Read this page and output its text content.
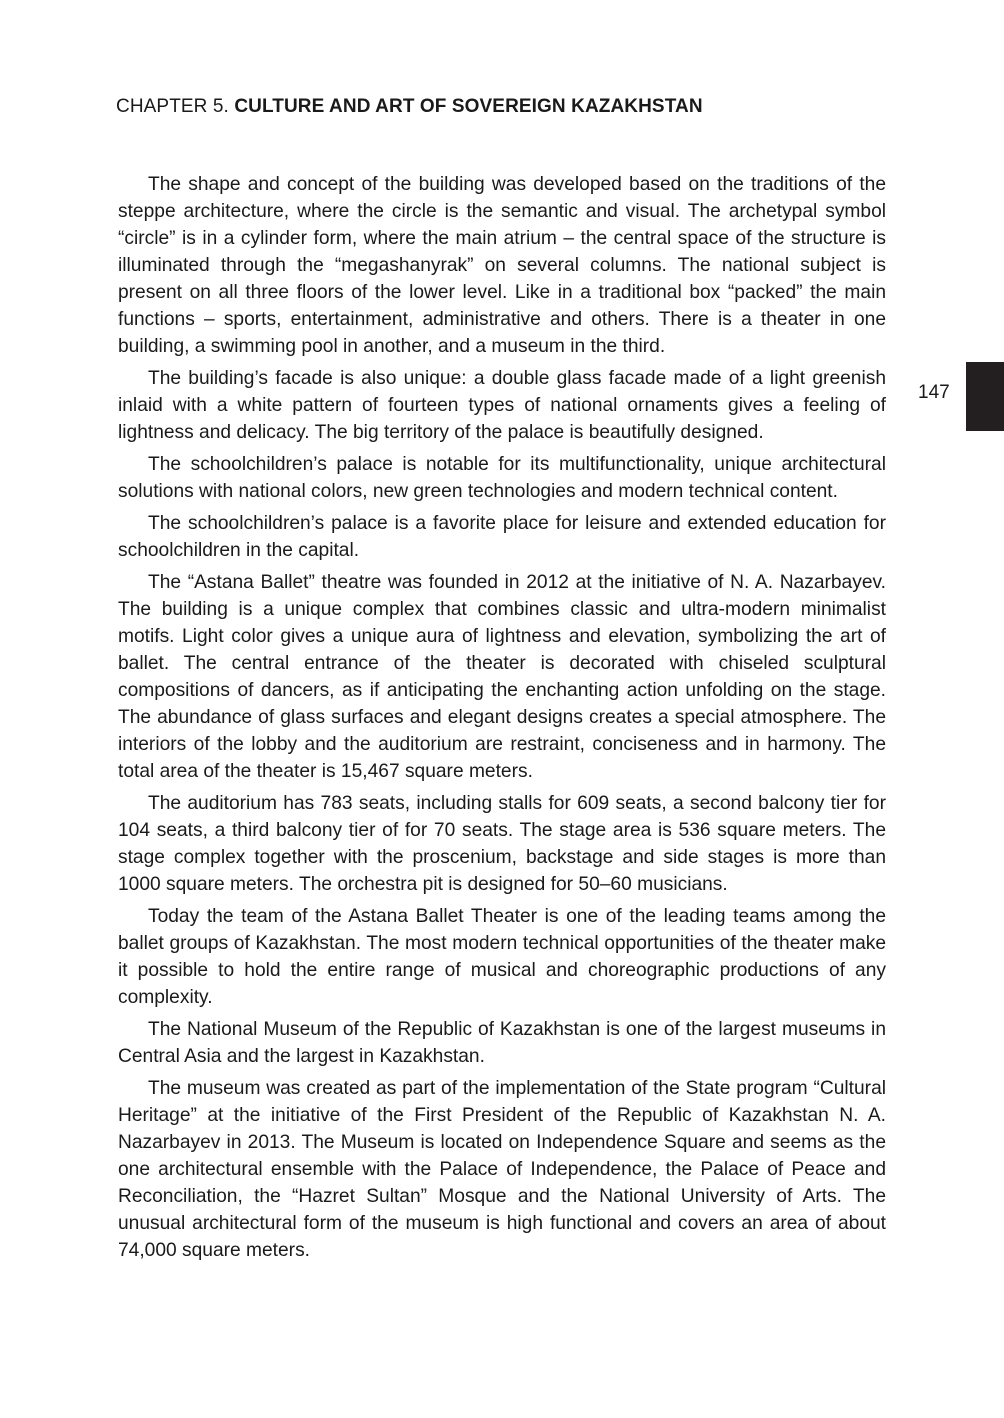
CHAPTER 5. CULTURE AND ART OF SOVEREIGN KAZAKHSTAN
147

The shape and concept of the building was developed based on the traditions of the steppe architecture, where the circle is the semantic and visual. The archetypal symbol “circle” is in a cylinder form, where the main atrium – the central space of the structure is illuminated through the “megashanyrak” on several columns. The national subject is present on all three floors of the lower level. Like in a traditional box “packed” the main functions – sports, entertainment, administrative and others. There is a theater in one building, a swimming pool in another, and a museum in the third.

The building’s facade is also unique: a double glass facade made of a light greenish inlaid with a white pattern of fourteen types of national ornaments gives a feeling of lightness and delicacy. The big territory of the palace is beautifully designed.

The schoolchildren’s palace is notable for its multifunctionality, unique architectural solutions with national colors, new green technologies and modern technical content.

The schoolchildren’s palace is a favorite place for leisure and extended education for schoolchildren in the capital.

The “Astana Ballet” theatre was founded in 2012 at the initiative of N. A. Nazarbayev. The building is a unique complex that combines classic and ultra-modern minimalist motifs. Light color gives a unique aura of lightness and elevation, symbolizing the art of ballet. The central entrance of the theater is decorated with chiseled sculptural compositions of dancers, as if anticipating the enchanting action unfolding on the stage. The abundance of glass surfaces and elegant designs creates a special atmosphere. The interiors of the lobby and the auditorium are restraint, conciseness and in harmony. The total area of the theater is 15,467 square meters.

The auditorium has 783 seats, including stalls for 609 seats, a second balcony tier for 104 seats, a third balcony tier of for 70 seats. The stage area is 536 square meters. The stage complex together with the proscenium, backstage and side stages is more than 1000 square meters. The orchestra pit is designed for 50–60 musicians.

Today the team of the Astana Ballet Theater is one of the leading teams among the ballet groups of Kazakhstan. The most modern technical opportunities of the theater make it possible to hold the entire range of musical and choreographic productions of any complexity.

The National Museum of the Republic of Kazakhstan is one of the largest museums in Central Asia and the largest in Kazakhstan.

The museum was created as part of the implementation of the State program “Cultural Heritage” at the initiative of the First President of the Republic of Kazakhstan N. A. Nazarbayev in 2013. The Museum is located on Independence Square and seems as the one architectural ensemble with the Palace of Independence, the Palace of Peace and Reconciliation, the “Hazret Sultan” Mosque and the National University of Arts. The unusual architectural form of the museum is high functional and covers an area of about 74,000 square meters.
